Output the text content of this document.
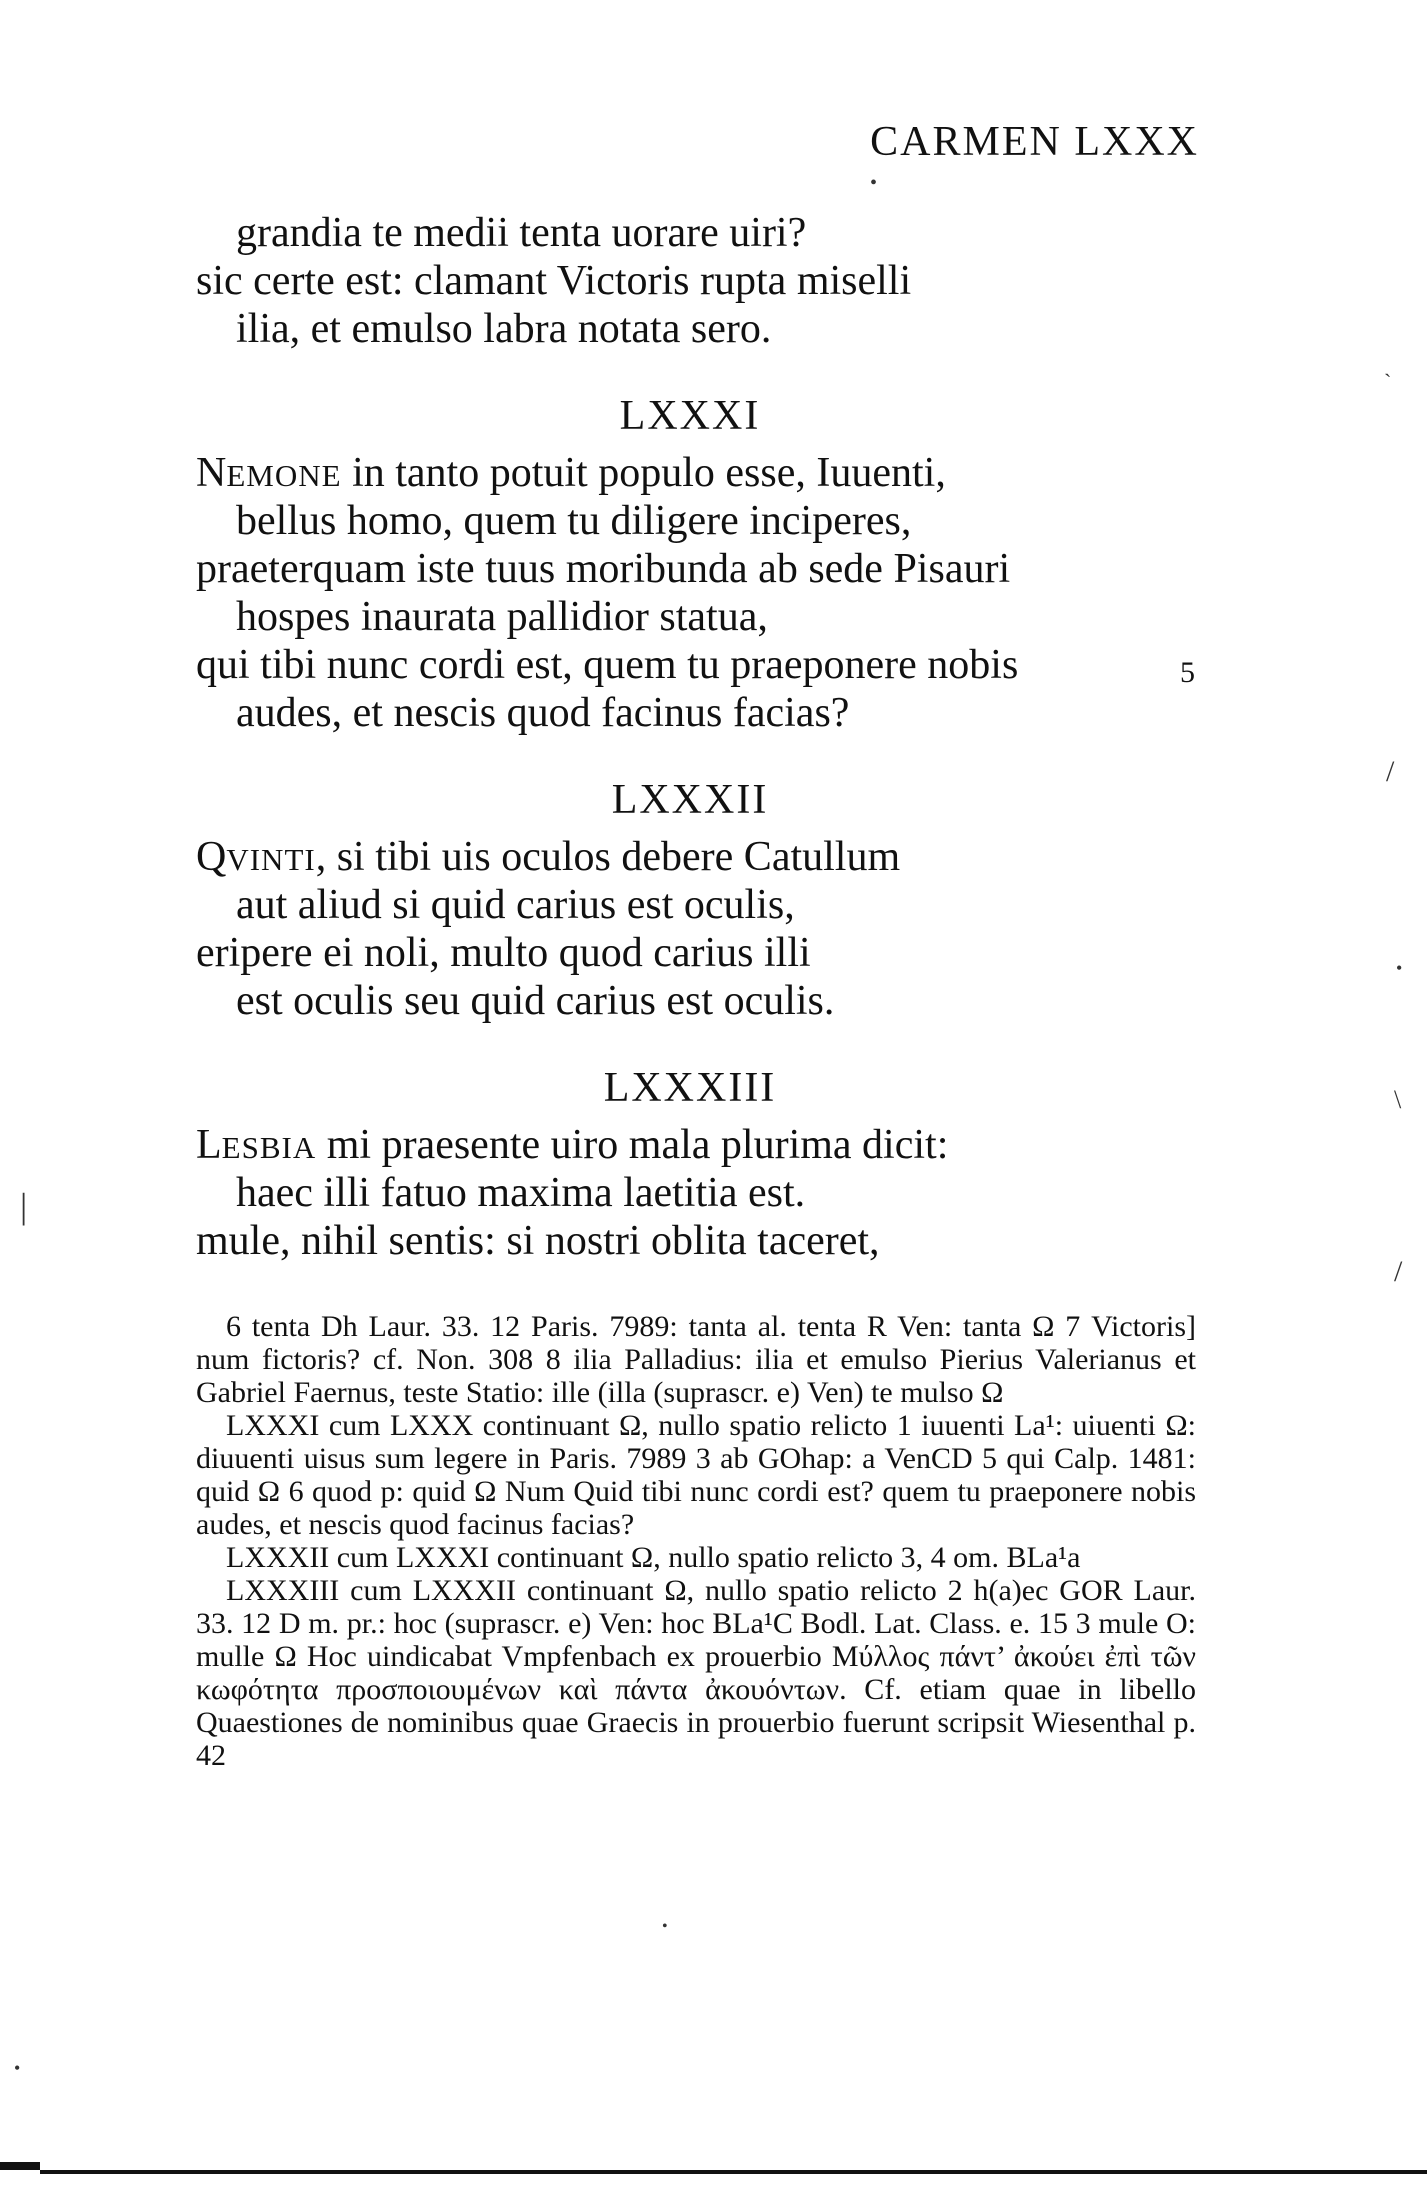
CARMEN LXXX
grandia te medii tenta uorare uiri?
sic certe est: clamant Victoris rupta miselli
ilia, et emulso labra notata sero.
LXXXI
NEMONE in tanto potuit populo esse, Iuuenti,
bellus homo, quem tu diligere inciperes,
praeterquam iste tuus moribunda ab sede Pisauri
hospes inaurata pallidior statua,
qui tibi nunc cordi est, quem tu praeponere nobis	5
audes, et nescis quod facinus facias?
LXXXII
QVINTI, si tibi uis oculos debere Catullum
aut aliud si quid carius est oculis,
eripere ei noli, multo quod carius illi
est oculis seu quid carius est oculis.
LXXXIII
LESBIA mi praesente uiro mala plurima dicit:
haec illi fatuo maxima laetitia est.
mule, nihil sentis: si nostri oblita taceret,

6 tenta Dh Laur. 33. 12 Paris. 7989: tanta al. tenta R Ven: tanta Ω 7 Victoris] num fictoris? cf. Non. 308 8 ilia Palladius: ilia et emulso Pierius Valerianus et Gabriel Faernus, teste Statio: ille (illa (suprascr. e) Ven) te mulso Ω

LXXXI cum LXXX continuant Ω, nullo spatio relicto 1 iuuenti La¹: uiuenti Ω: diuuenti uisus sum legere in Paris. 7989 3 ab GOhap: a VenCD 5 qui Calp. 1481: quid Ω 6 quod p: quid Ω Num Quid tibi nunc cordi est? quem tu praeponere nobis audes, et nescis quod facinus facias?

LXXXII cum LXXXI continuant Ω, nullo spatio relicto 3, 4 om. BLa¹a

LXXXIII cum LXXXII continuant Ω, nullo spatio relicto 2 h(a)ec GOR Laur. 33. 12 D m. pr.: hoc (suprascr. e) Ven: hoc BLa¹C Bodl. Lat. Class. e. 15 3 mule O: mulle Ω Hoc uindicabat Vmpfenbach ex prouerbio Μύλλος πάντ’ ἀκούει ἐπὶ τῶν κωφότητα προσποιουμένων καὶ πάντα ἀκουόντων. Cf. etiam quae in libello Quaestiones de nominibus quae Graecis in prouerbio fuerunt scripsit Wiesenthal p. 42

•
ˏ
/
•
\
/
|
•
•
